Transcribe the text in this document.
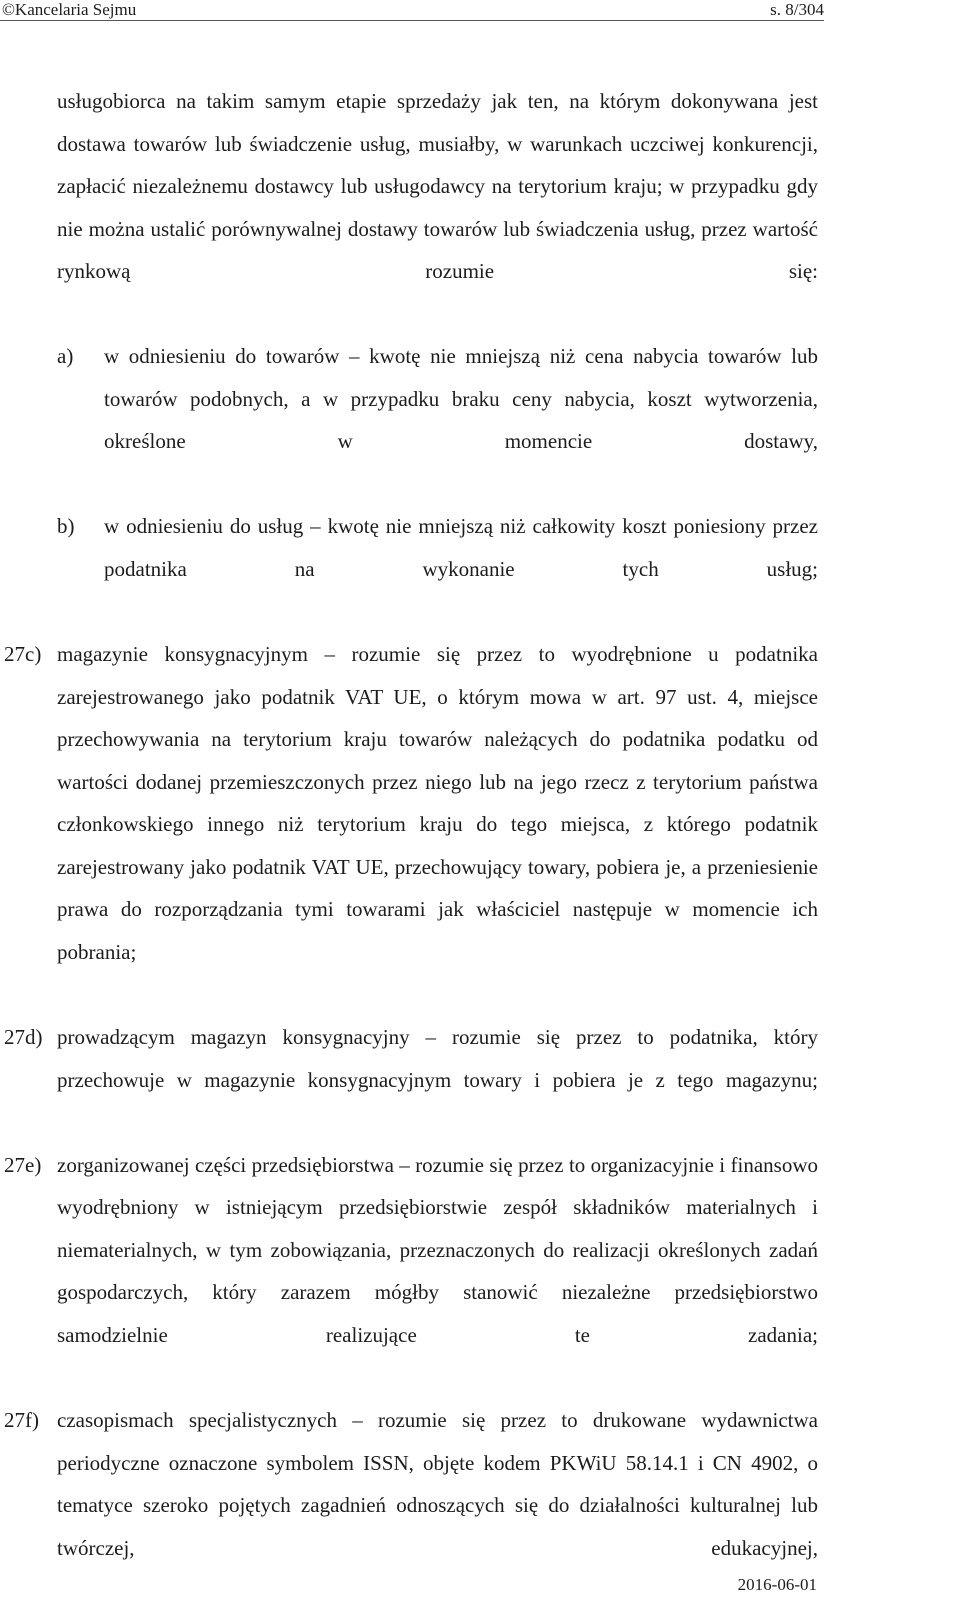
©Kancelaria Sejmu	s. 8/304
usługobiorca na takim samym etapie sprzedaży jak ten, na którym dokonywana jest dostawa towarów lub świadczenie usług, musiałby, w warunkach uczciwej konkurencji, zapłacić niezależnemu dostawcy lub usługodawcy na terytorium kraju; w przypadku gdy nie można ustalić porównywalnej dostawy towarów lub świadczenia usług, przez wartość rynkową rozumie się:
a) w odniesieniu do towarów – kwotę nie mniejszą niż cena nabycia towarów lub towarów podobnych, a w przypadku braku ceny nabycia, koszt wytworzenia, określone w momencie dostawy,
b) w odniesieniu do usług – kwotę nie mniejszą niż całkowity koszt poniesiony przez podatnika na wykonanie tych usług;
27c) magazynie konsygnacyjnym – rozumie się przez to wyodrębnione u podatnika zarejestrowanego jako podatnik VAT UE, o którym mowa w art. 97 ust. 4, miejsce przechowywania na terytorium kraju towarów należących do podatnika podatku od wartości dodanej przemieszczonych przez niego lub na jego rzecz z terytorium państwa członkowskiego innego niż terytorium kraju do tego miejsca, z którego podatnik zarejestrowany jako podatnik VAT UE, przechowujący towary, pobiera je, a przeniesienie prawa do rozporządzania tymi towarami jak właściciel następuje w momencie ich pobrania;
27d) prowadzącym magazyn konsygnacyjny – rozumie się przez to podatnika, który przechowuje w magazynie konsygnacyjnym towary i pobiera je z tego magazynu;
27e) zorganizowanej części przedsiębiorstwa – rozumie się przez to organizacyjnie i finansowo wyodrębniony w istniejącym przedsiębiorstwie zespół składników materialnych i niematerialnych, w tym zobowiązania, przeznaczonych do realizacji określonych zadań gospodarczych, który zarazem mógłby stanowić niezależne przedsiębiorstwo samodzielnie realizujące te zadania;
27f) czasopismach specjalistycznych – rozumie się przez to drukowane wydawnictwa periodyczne oznaczone symbolem ISSN, objęte kodem PKWiU 58.14.1 i CN 4902, o tematyce szeroko pojętych zagadnień odnoszących się do działalności kulturalnej lub twórczej, edukacyjnej,
2016-06-01
